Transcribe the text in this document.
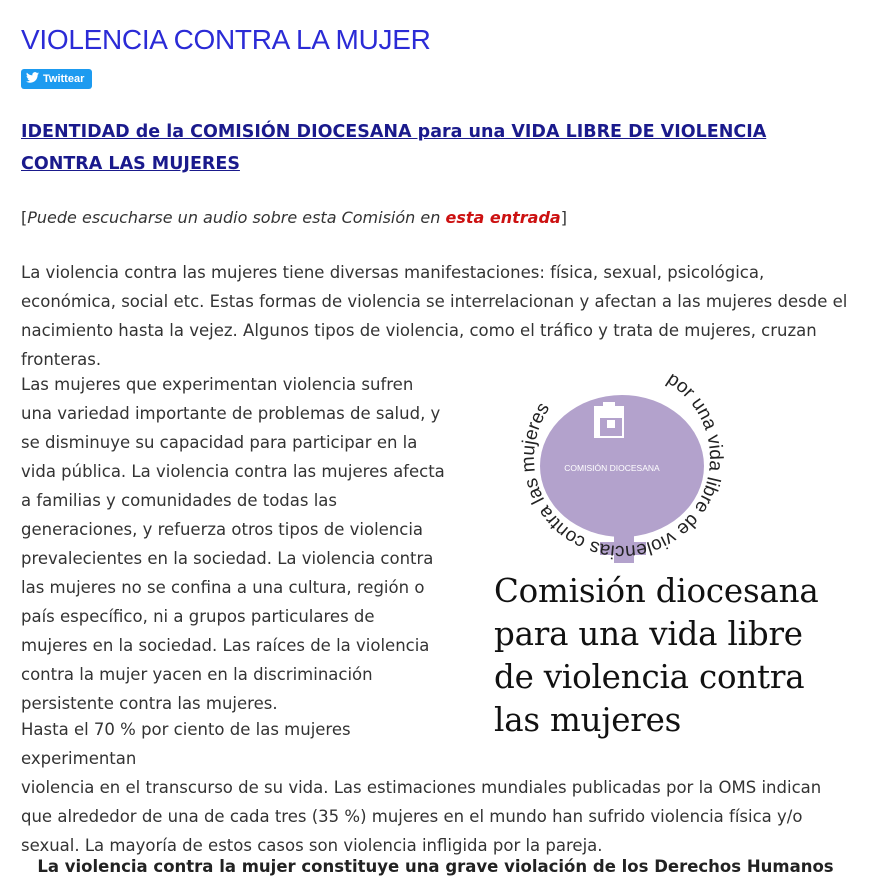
VIOLENCIA CONTRA LA MUJER
Twittear
IDENTIDAD de la COMISIÓN DIOCESANA para una VIDA LIBRE DE VIOLENCIA CONTRA LAS MUJERES

[Puede escucharse un audio sobre esta Comisión en esta entrada]

La violencia contra las mujeres tiene diversas manifestaciones: física, sexual, psicológica, económica, social etc. Estas formas de violencia se interrelacionan y afectan a las mujeres desde el nacimiento hasta la vejez. Algunos tipos de violencia, como el tráfico y trata de mujeres, cruzan fronteras.

Las mujeres que experimentan violencia sufren una variedad importante de problemas de salud, y se disminuye su capacidad para participar en la vida pública. La violencia contra las mujeres afecta a familias y comunidades de todas las generaciones, y refuerza otros tipos de violencia prevalecientes en la sociedad. La violencia contra las mujeres no se confina a una cultura, región o país específico, ni a grupos particulares de mujeres en la sociedad. Las raíces de la violencia contra la mujer yacen en la discriminación persistente contra las mujeres.

COMISIÓN DIOCESANA
por una vida libre de violencias contra las mujeres

Comisión diocesana para una vida libre de violencia contra las mujeres

Hasta el 70 % por ciento de las mujeres experimentan
violencia en el transcurso de su vida. Las estimaciones mundiales publicadas por la OMS indican que alrededor de una de cada tres (35 %) mujeres en el mundo han sufrido violencia física y/o sexual. La mayoría de estos casos son violencia infligida por la pareja.

La violencia contra la mujer constituye una grave violación de los Derechos Humanos
